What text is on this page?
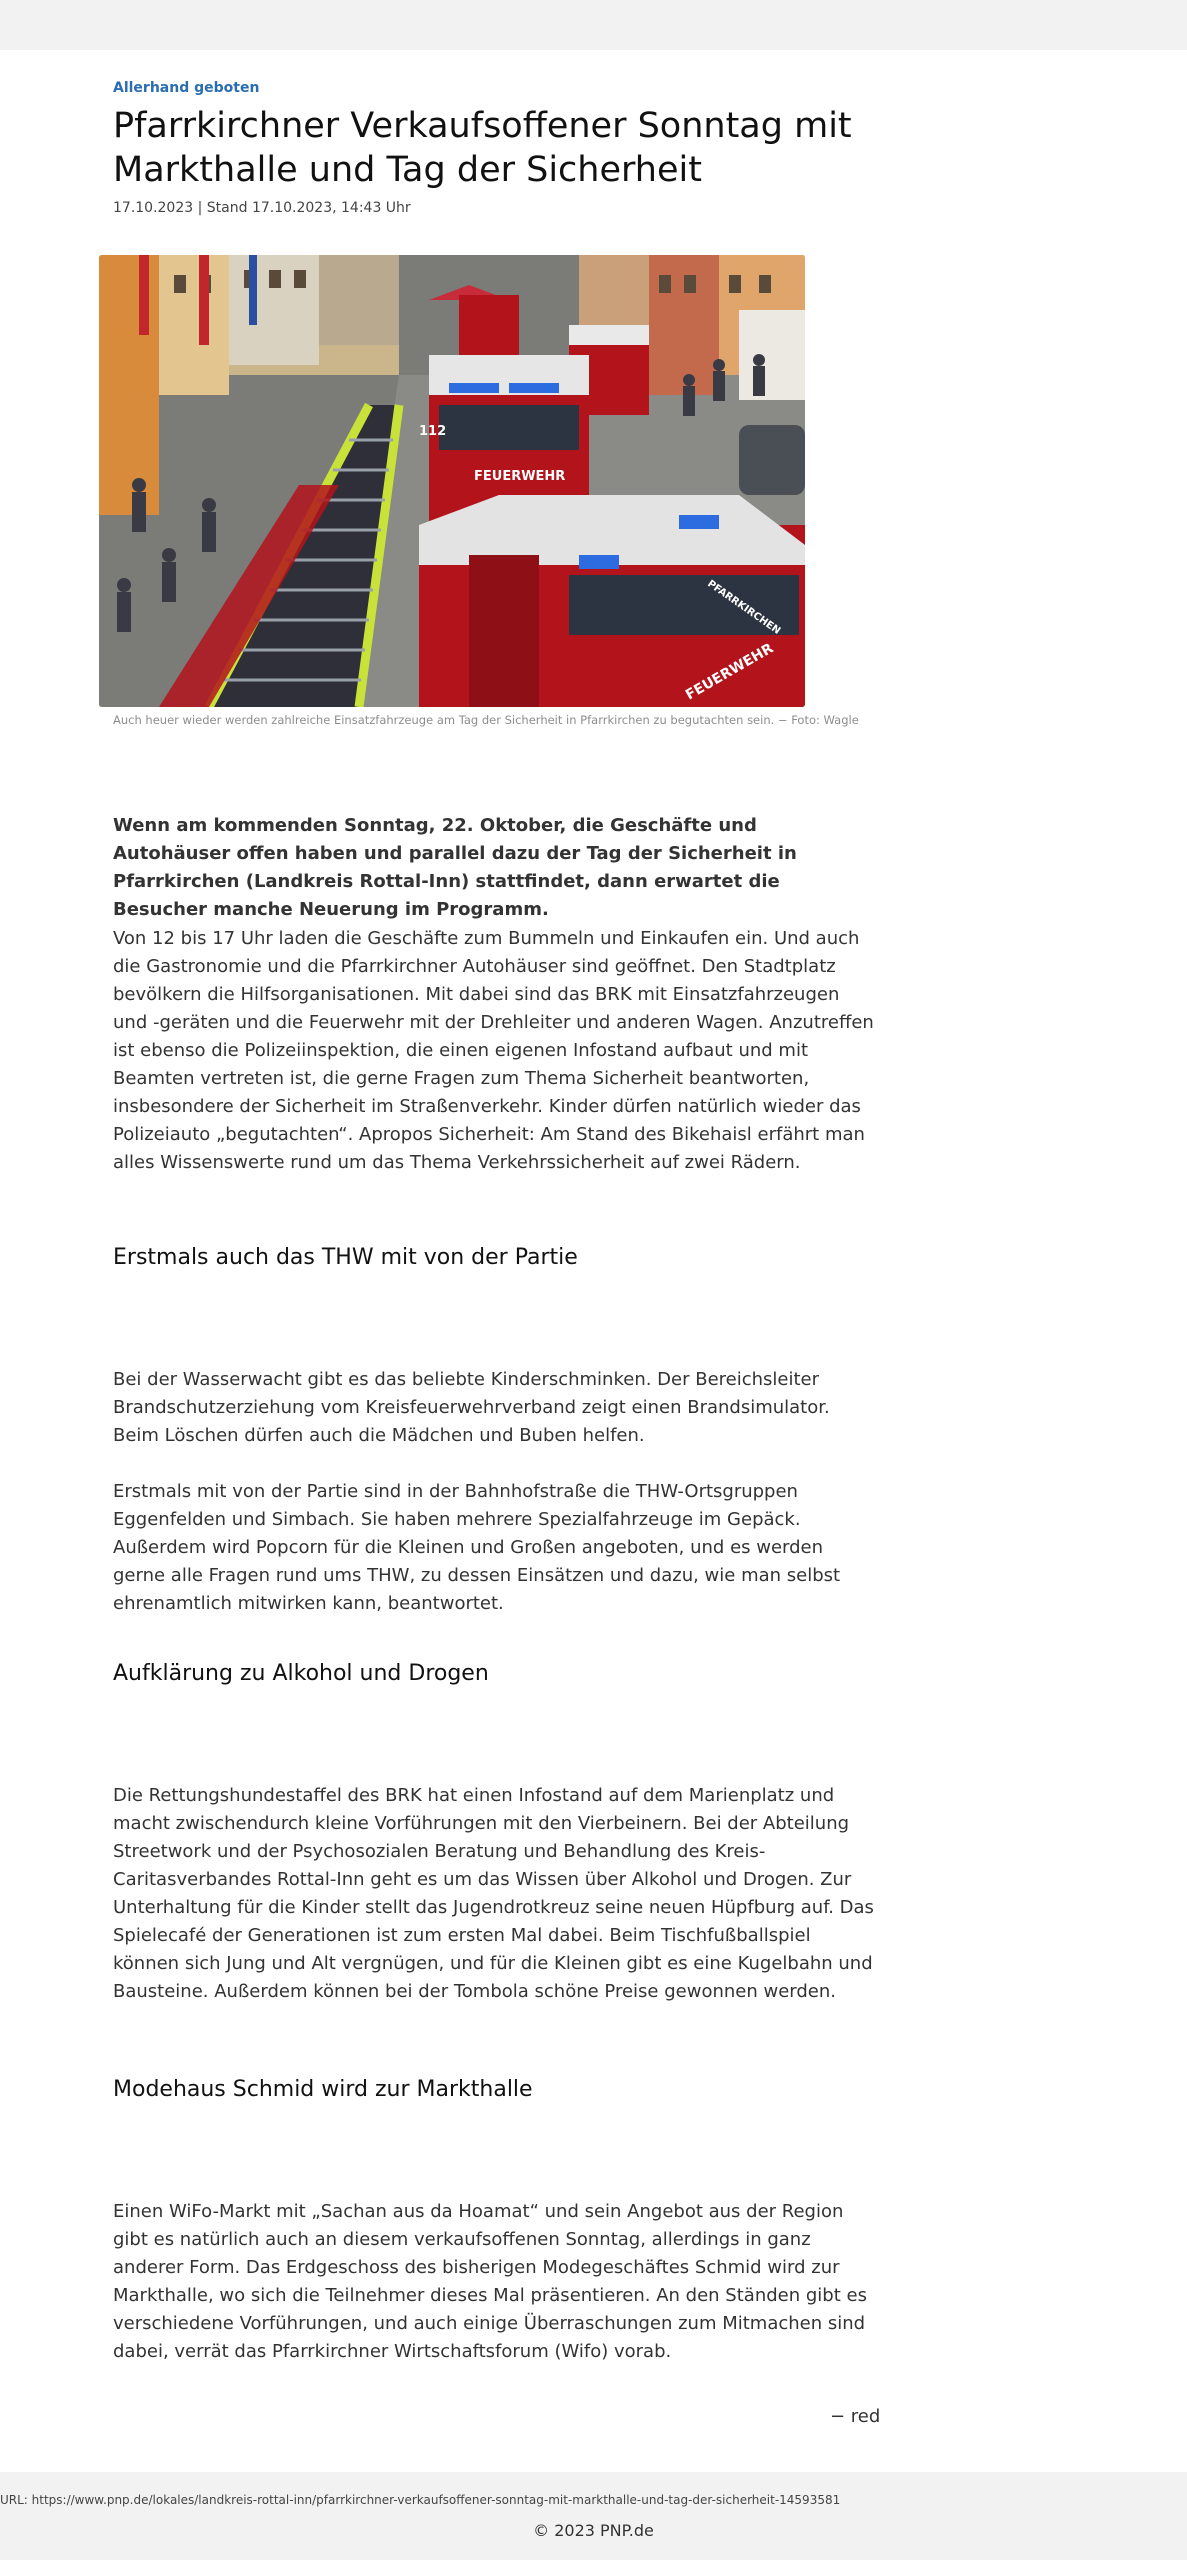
Allerhand geboten
Pfarrkirchner Verkaufsoffener Sonntag mit Markthalle und Tag der Sicherheit
17.10.2023 | Stand 17.10.2023, 14:43 Uhr
FEUERWEHR
112
FEUERWEHR
PFARRKIRCHEN
Auch heuer wieder werden zahlreiche Einsatzfahrzeuge am Tag der Sicherheit in Pfarrkirchen zu begutachten sein. − Foto: Wagle

Wenn am kommenden Sonntag, 22. Oktober, die Geschäfte und Autohäuser offen haben und parallel dazu der Tag der Sicherheit in Pfarrkirchen (Landkreis Rottal-Inn) stattfindet, dann erwartet die Besucher manche Neuerung im Programm.

Von 12 bis 17 Uhr laden die Geschäfte zum Bummeln und Einkaufen ein. Und auch die Gastronomie und die Pfarrkirchner Autohäuser sind geöffnet. Den Stadtplatz bevölkern die Hilfsorganisationen. Mit dabei sind das BRK mit Einsatzfahrzeugen und -geräten und die Feuerwehr mit der Drehleiter und anderen Wagen. Anzutreffen ist ebenso die Polizeiinspektion, die einen eigenen Infostand aufbaut und mit Beamten vertreten ist, die gerne Fragen zum Thema Sicherheit beantworten, insbesondere der Sicherheit im Straßenverkehr. Kinder dürfen natürlich wieder das Polizeiauto „begutachten“. Apropos Sicherheit: Am Stand des Bikehaisl erfährt man alles Wissenswerte rund um das Thema Verkehrssicherheit auf zwei Rädern.

Erstmals auch das THW mit von der Partie

Bei der Wasserwacht gibt es das beliebte Kinderschminken. Der Bereichsleiter Brandschutzerziehung vom Kreisfeuerwehrverband zeigt einen Brandsimulator. Beim Löschen dürfen auch die Mädchen und Buben helfen.

Erstmals mit von der Partie sind in der Bahnhofstraße die THW-Ortsgruppen Eggenfelden und Simbach. Sie haben mehrere Spezialfahrzeuge im Gepäck. Außerdem wird Popcorn für die Kleinen und Großen angeboten, und es werden gerne alle Fragen rund ums THW, zu dessen Einsätzen und dazu, wie man selbst ehrenamtlich mitwirken kann, beantwortet.

Aufklärung zu Alkohol und Drogen

Die Rettungshundestaffel des BRK hat einen Infostand auf dem Marienplatz und macht zwischendurch kleine Vorführungen mit den Vierbeinern. Bei der Abteilung Streetwork und der Psychosozialen Beratung und Behandlung des Kreis-Caritasverbandes Rottal-Inn geht es um das Wissen über Alkohol und Drogen. Zur Unterhaltung für die Kinder stellt das Jugendrotkreuz seine neuen Hüpfburg auf. Das Spielecafé der Generationen ist zum ersten Mal dabei. Beim Tischfußballspiel können sich Jung und Alt vergnügen, und für die Kleinen gibt es eine Kugelbahn und Bausteine. Außerdem können bei der Tombola schöne Preise gewonnen werden.

Modehaus Schmid wird zur Markthalle

Einen WiFo-Markt mit „Sachan aus da Hoamat“ und sein Angebot aus der Region gibt es natürlich auch an diesem verkaufsoffenen Sonntag, allerdings in ganz anderer Form. Das Erdgeschoss des bisherigen Modegeschäftes Schmid wird zur Markthalle, wo sich die Teilnehmer dieses Mal präsentieren. An den Ständen gibt es verschiedene Vorführungen, und auch einige Überraschungen zum Mitmachen sind dabei, verrät das Pfarrkirchner Wirtschaftsforum (Wifo) vorab.

− red
URL: https://www.pnp.de/lokales/landkreis-rottal-inn/pfarrkirchner-verkaufsoffener-sonntag-mit-markthalle-und-tag-der-sicherheit-14593581
© 2023 PNP.de
